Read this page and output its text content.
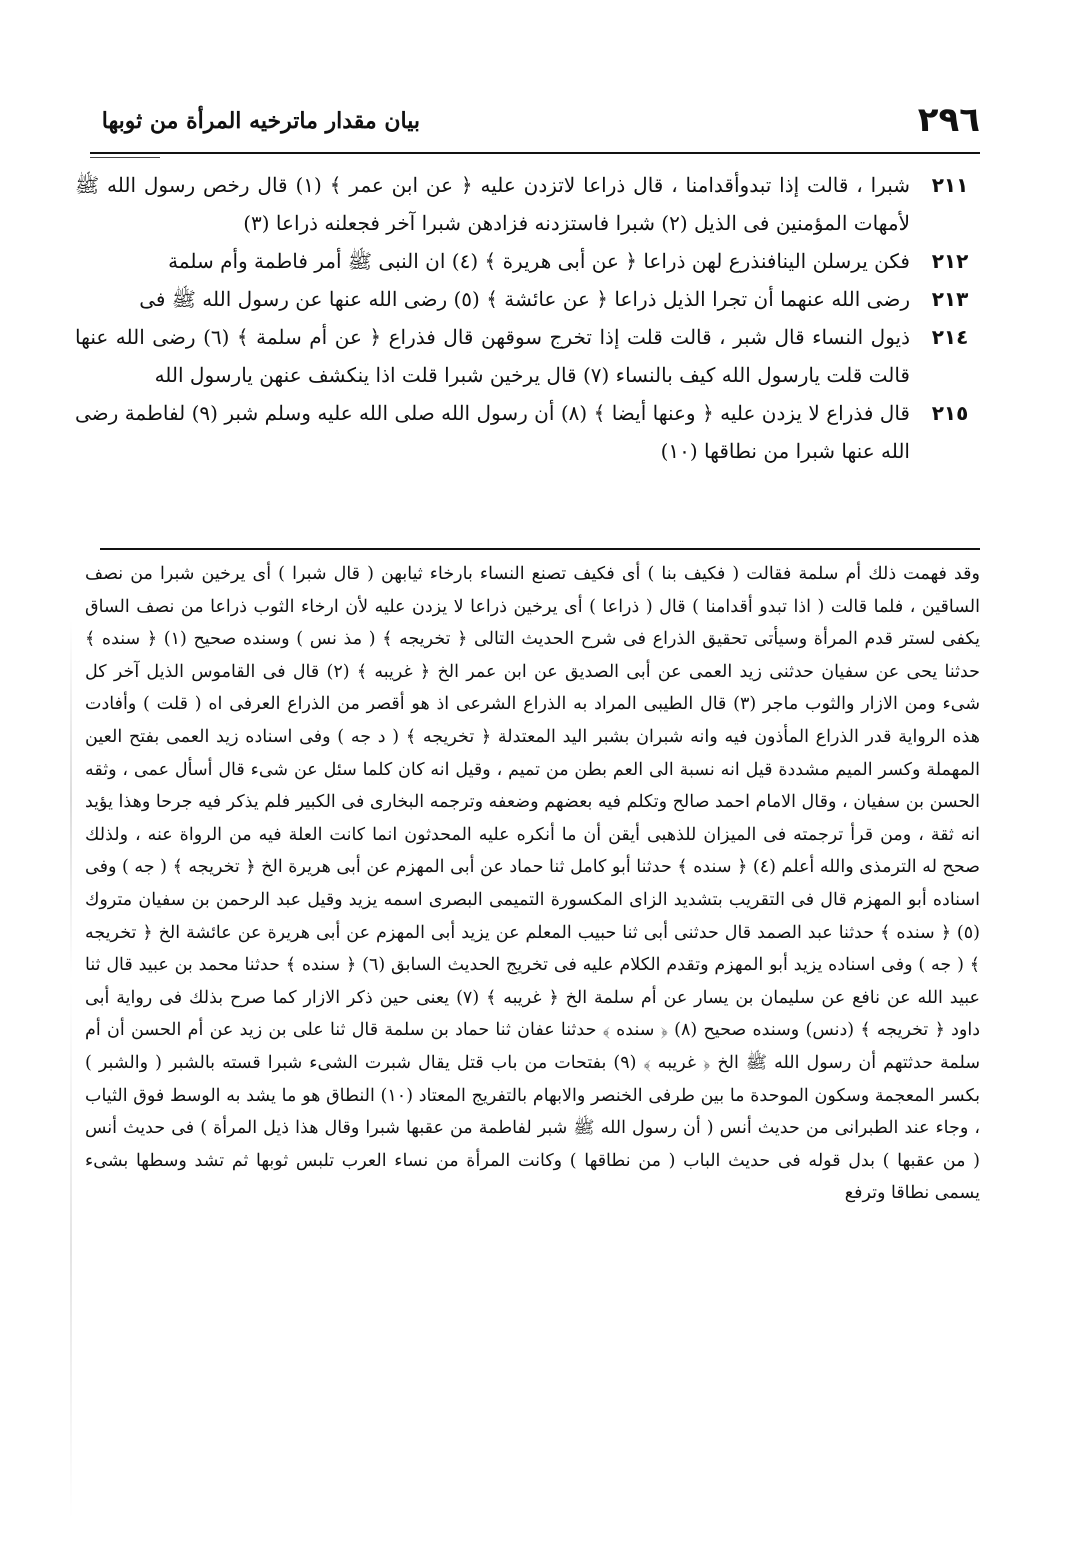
٢٩٦
بيان مقدار ماترخيه المرأة من ثوبها
٢١١
شبرا ، قالت إذا تبدوأقدامنا ، قال ذراعا لاتزدن عليه ﴿ عن ابن عمر ﴾ (١) قال رخص رسول الله ﷺ لأمهات المؤمنين فى الذيل (٢) شبرا فاستزدنه فزادهن شبرا آخر فجعلنه ذراعا (٣)
٢١٢
فكن يرسلن الينافنذرع لهن ذراعا ﴿ عن أبى هريرة ﴾ (٤) ان النبى ﷺ أمر فاطمة وأم سلمة
٢١٣
رضى الله عنهما أن تجرا الذيل ذراعا ﴿ عن عائشة ﴾ (٥) رضى الله عنها عن رسول الله ﷺ فى
٢١٤
ذيول النساء قال شبر ، قالت قلت إذا تخرج سوقهن قال فذراع ﴿ عن أم سلمة ﴾ (٦) رضى الله عنها قالت قلت يارسول الله كيف بالنساء (٧) قال يرخين شبرا قلت اذا ينكشف عنهن يارسول الله
٢١٥
قال فذراع لا يزدن عليه ﴿ وعنها أيضا ﴾ (٨) أن رسول الله صلى الله عليه وسلم شبر (٩) لفاطمة رضى الله عنها شبرا من نطاقها (١٠)

وقد فهمت ذلك أم سلمة فقالت ( فكيف بنا ) أى فكيف تصنع النساء بارخاء ثيابهن ( قال شبرا ) أى يرخين شبرا من نصف الساقين ، فلما قالت ( اذا تبدو أقدامنا ) قال ( ذراعا ) أى يرخين ذراعا لا يزدن عليه لأن ارخاء الثوب ذراعا من نصف الساق يكفى لستر قدم المرأة وسيأتى تحقيق الذراع فى شرح الحديث التالى ﴿ تخريجه ﴾ ( مذ نس ) وسنده صحيح (١) ﴿ سنده ﴾ حدثنا يحى عن سفيان حدثنى زيد العمى عن أبى الصديق عن ابن عمر الخ ﴿ غريبه ﴾ (٢) قال فى القاموس الذيل آخر كل شىء ومن الازار والثوب ماجر (٣) قال الطيبى المراد به الذراع الشرعى اذ هو أقصر من الذراع العرفى اه ( قلت ) وأفادت هذه الرواية قدر الذراع المأذون فيه وانه شبران بشبر اليد المعتدلة ﴿ تخريجه ﴾ ( د جه ) وفى اسناده زيد العمى بفتح العين المهملة وكسر الميم مشددة قيل انه نسبة الى العم بطن من تميم ، وقيل انه كان كلما سئل عن شىء قال أسأل عمى ، وثقه الحسن بن سفيان ، وقال الامام احمد صالح وتكلم فيه بعضهم وضعفه وترجمه البخارى فى الكبير فلم يذكر فيه جرحا وهذا يؤيد انه ثقة ، ومن قرأ ترجمته فى الميزان للذهبى أيقن أن ما أنكره عليه المحدثون انما كانت العلة فيه من الرواة عنه ، ولذلك صحح له الترمذى والله أعلم (٤) ﴿ سنده ﴾ حدثنا أبو كامل ثنا حماد عن أبى المهزم عن أبى هريرة الخ ﴿ تخريجه ﴾ ( جه ) وفى اسناده أبو المهزم قال فى التقريب بتشديد الزاى المكسورة التميمى البصرى اسمه يزيد وقيل عبد الرحمن بن سفيان متروك (٥) ﴿ سنده ﴾ حدثنا عبد الصمد قال حدثنى أبى ثنا حبيب المعلم عن يزيد أبى المهزم عن أبى هريرة عن عائشة الخ ﴿ تخريجه ﴾ ( جه ) وفى اسناده يزيد أبو المهزم وتقدم الكلام عليه فى تخريج الحديث السابق (٦) ﴿ سنده ﴾ حدثنا محمد بن عبيد قال ثنا عبيد الله عن نافع عن سليمان بن يسار عن أم سلمة الخ ﴿ غريبه ﴾ (٧) يعنى حين ذكر الازار كما صرح بذلك فى رواية أبى داود ﴿ تخريجه ﴾ (دنس) وسنده صحيح (٨) ﴿ سنده ﴾ حدثنا عفان ثنا حماد بن سلمة قال ثنا على بن زيد عن أم الحسن أن أم سلمة حدثتهم أن رسول الله ﷺ الخ ﴿ غريبه ﴾ (٩) بفتحات من باب قتل يقال شبرت الشىء شبرا قسته بالشبر ( والشبر ) بكسر المعجمة وسكون الموحدة ما بين طرفى الخنصر والابهام بالتفريج المعتاد (١٠) النطاق هو ما يشد به الوسط فوق الثياب ، وجاء عند الطبرانى من حديث أنس ( أن رسول الله ﷺ شبر لفاطمة من عقبها شبرا وقال هذا ذيل المرأة ) فى حديث أنس ( من عقبها ) بدل قوله فى حديث الباب ( من نطاقها ) وكانت المرأة من نساء العرب تلبس ثوبها ثم تشد وسطها بشىء يسمى نطاقا وترفع
